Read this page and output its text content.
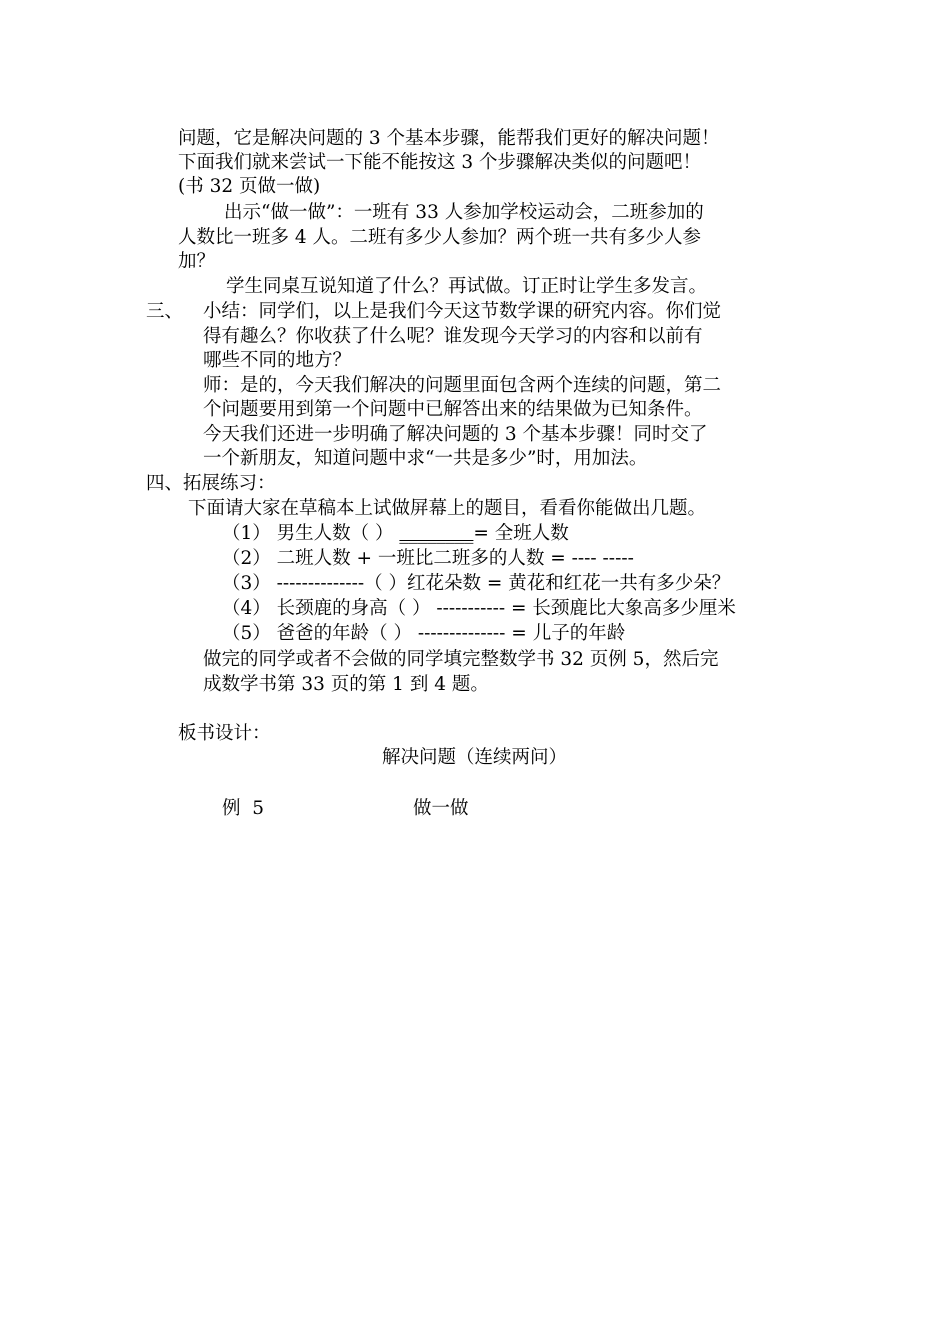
问题，它是解决问题的 3 个基本步骤，能帮我们更好的解决问题！
下面我们就来尝试一下能不能按这 3 个步骤解决类似的问题吧！
(书 32 页做一做)
出示“做一做”：一班有 33 人参加学校运动会，二班参加的
人数比一班多 4 人。二班有多少人参加？两个班一共有多少人参
加？
学生同桌互说知道了什么？再试做。订正时让学生多发言。
三、 小结：同学们，以上是我们今天这节数学课的研究内容。你们觉
得有趣么？你收获了什么呢？谁发现今天学习的内容和以前有
哪些不同的地方？
师：是的，今天我们解决的问题里面包含两个连续的问题，第二
个问题要用到第一个问题中已解答出来的结果做为已知条件。
今天我们还进一步明确了解决问题的 3 个基本步骤！同时交了
一个新朋友，知道问题中求“一共是多少”时，用加法。
四、拓展练习：
下面请大家在草稿本上试做屏幕上的题目，看看你能做出几题。
（1） 男生人数（ ） ________= 全班人数
（2） 二班人数 + 一班比二班多的人数 = ---- -----
（3） --------------（ ）红花朵数 = 黄花和红花一共有多少朵？
（4） 长颈鹿的身高（ ） ----------- = 长颈鹿比大象高多少厘米
（5） 爸爸的年龄（ ） -------------- = 儿子的年龄
做完的同学或者不会做的同学填完整数学书 32 页例 5，然后完
成数学书第 33 页的第 1 到 4 题。
板书设计：
解决问题（连续两问）
例  5	做一做
